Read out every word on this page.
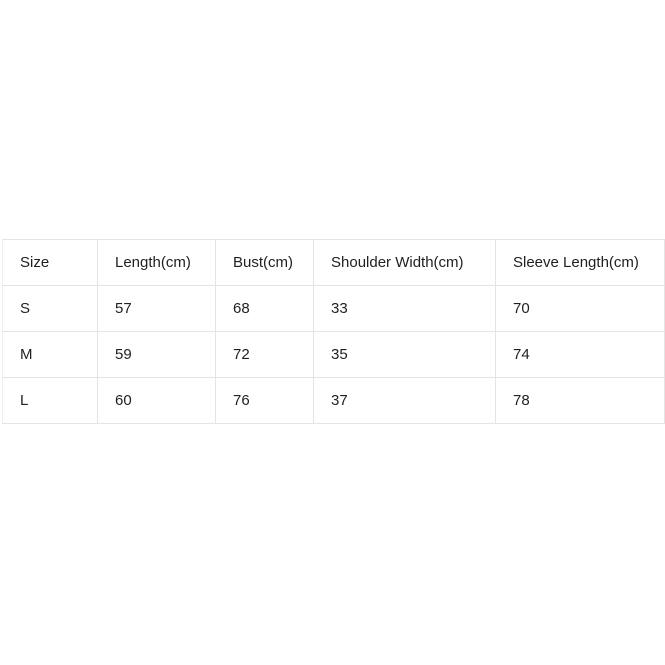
Size	Length(cm)	Bust(cm)	Shoulder Width(cm)	Sleeve Length(cm)
S	57	68	33	70
M	59	72	35	74
L	60	76	37	78
